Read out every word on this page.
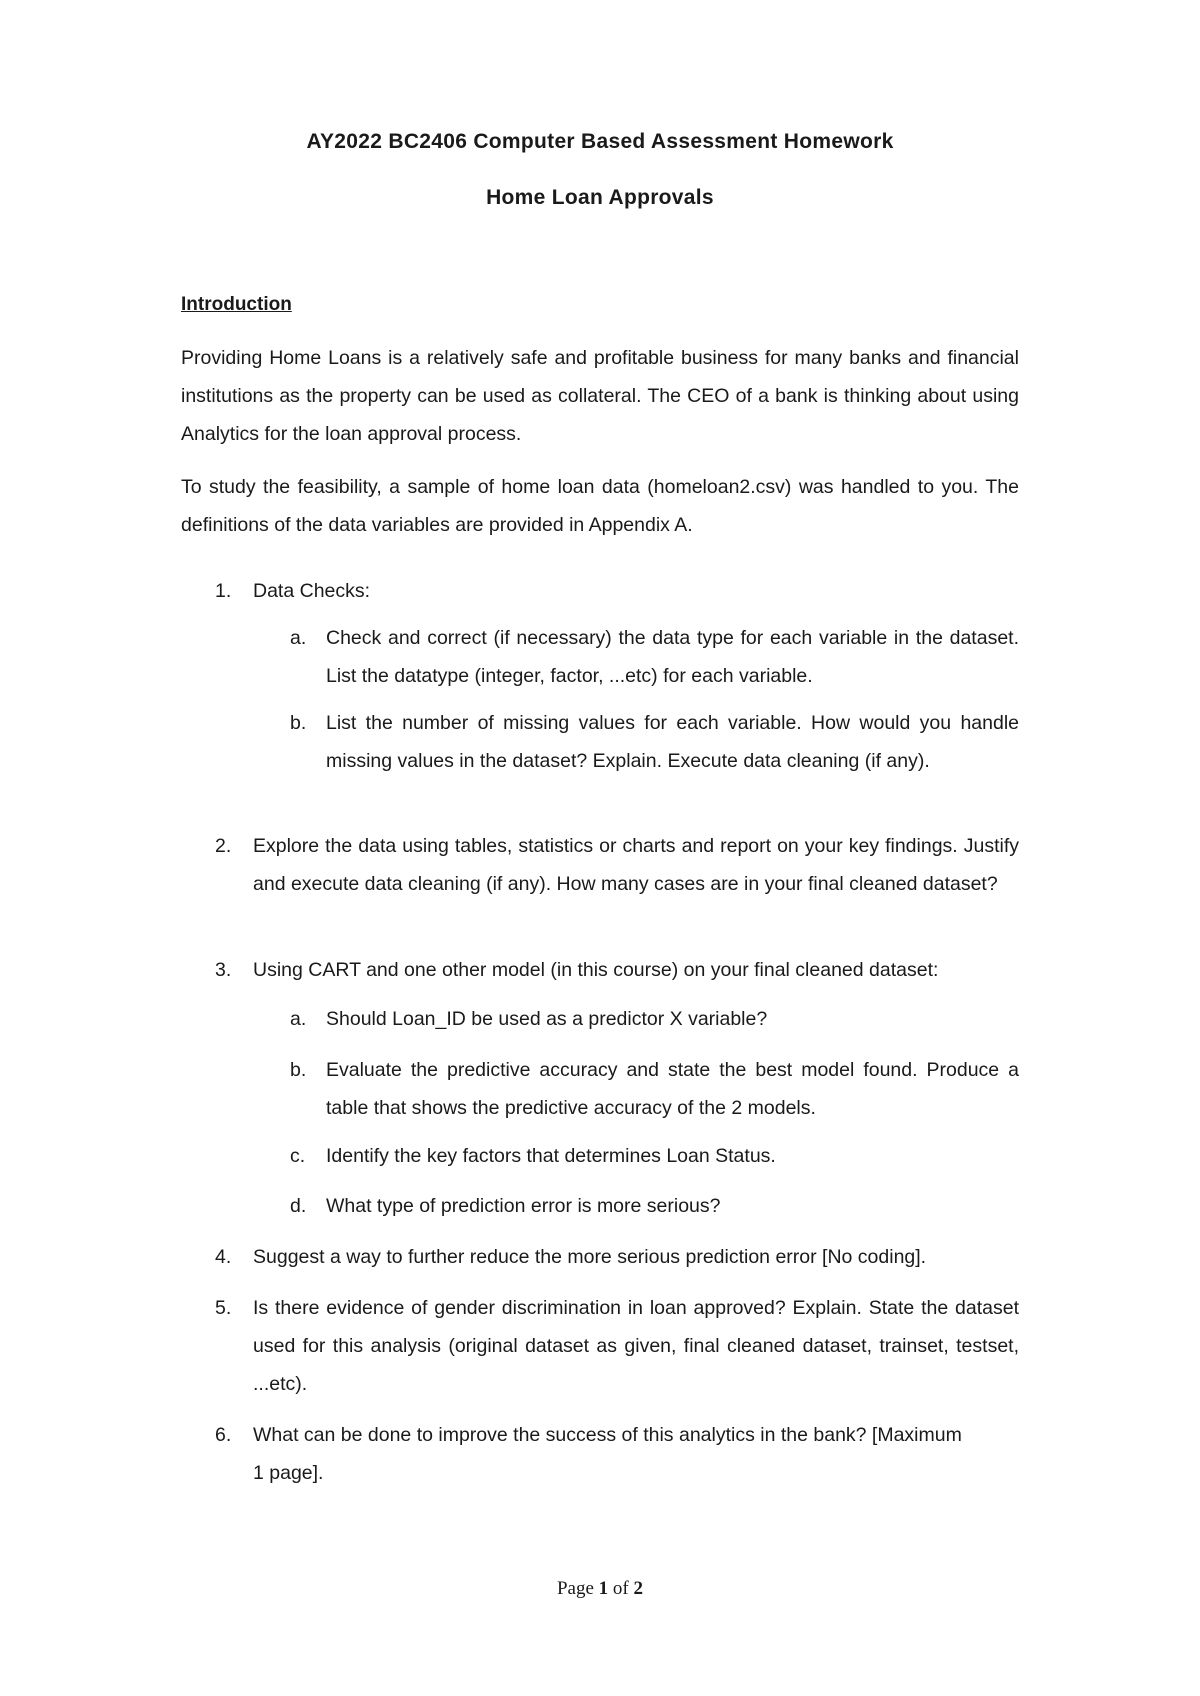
AY2022 BC2406 Computer Based Assessment Homework
Home Loan Approvals
Introduction
Providing Home Loans is a relatively safe and profitable business for many banks and financial institutions as the property can be used as collateral. The CEO of a bank is thinking about using Analytics for the loan approval process.
To study the feasibility, a sample of home loan data (homeloan2.csv) was handled to you. The definitions of the data variables are provided in Appendix A.
1. Data Checks:
a. Check and correct (if necessary) the data type for each variable in the dataset. List the datatype (integer, factor, ...etc) for each variable.
b. List the number of missing values for each variable. How would you handle missing values in the dataset? Explain. Execute data cleaning (if any).
2. Explore the data using tables, statistics or charts and report on your key findings. Justify and execute data cleaning (if any). How many cases are in your final cleaned dataset?
3. Using CART and one other model (in this course) on your final cleaned dataset:
a. Should Loan_ID be used as a predictor X variable?
b. Evaluate the predictive accuracy and state the best model found. Produce a table that shows the predictive accuracy of the 2 models.
c. Identify the key factors that determines Loan Status.
d. What type of prediction error is more serious?
4. Suggest a way to further reduce the more serious prediction error [No coding].
5. Is there evidence of gender discrimination in loan approved? Explain. State the dataset used for this analysis (original dataset as given, final cleaned dataset, trainset, testset, ...etc).
6. What can be done to improve the success of this analytics in the bank? [Maximum 1 page].
Page 1 of 2
